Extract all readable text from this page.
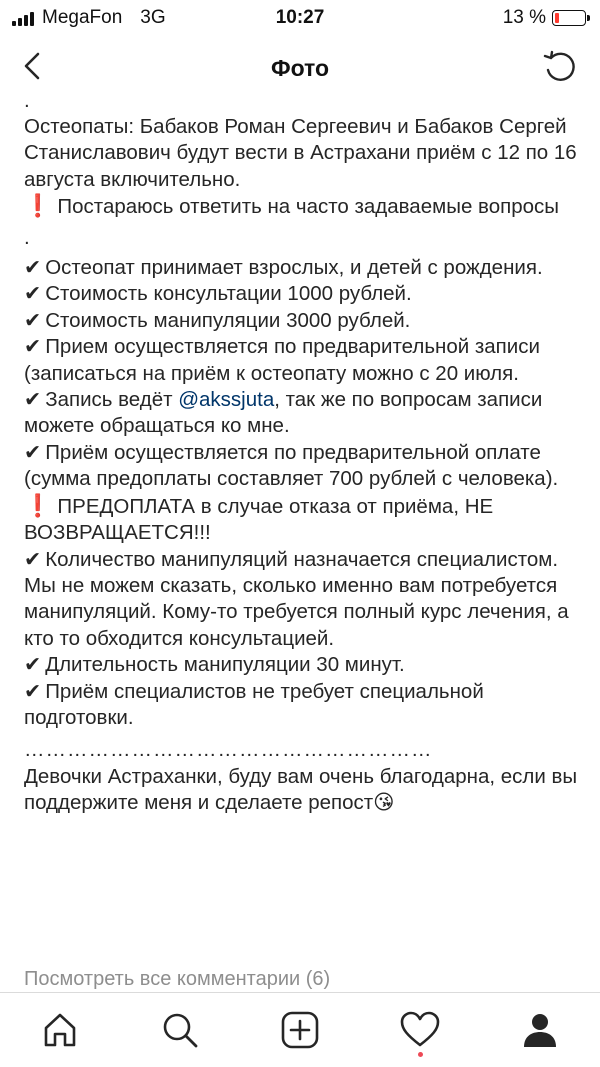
MegaFon 3G	10:27	13 %
Фото

.

Остеопаты: Бабаков Роман Сергеевич и Бабаков Сергей Станиславович будут вести в Астрахани приём с 12 по 16 августа включительно.

❗ Постараюсь ответить на часто задаваемые вопросы

.

✔ Остеопат принимает взрослых, и детей с рождения.

✔ Стоимость консультации 1000 рублей.

✔ Стоимость манипуляции 3000 рублей.

✔ Прием осуществляется по предварительной записи (записаться на приём к остеопату можно с 20 июля.

✔ Запись ведёт @akssjuta, так же по вопросам записи можете обращаться ко мне.

✔ Приём осуществляется по предварительной оплате (сумма предоплаты составляет 700 рублей с человека).

❗ ПРЕДОПЛАТА в случае отказа от приёма, НЕ ВОЗВРАЩАЕТСЯ!!!

✔ Количество манипуляций назначается специалистом. Мы не можем сказать, сколько именно вам потребуется манипуляций. Кому-то требуется полный курс лечения, а кто то обходится консультацией.

✔ Длительность манипуляции 30 минут.

✔ Приём специалистов не требует специальной подготовки.

…………………………………………………

Девочки Астраханки, буду вам очень благодарна, если вы поддержите меня и сделаете репост😘

Посмотреть все комментарии (6)
